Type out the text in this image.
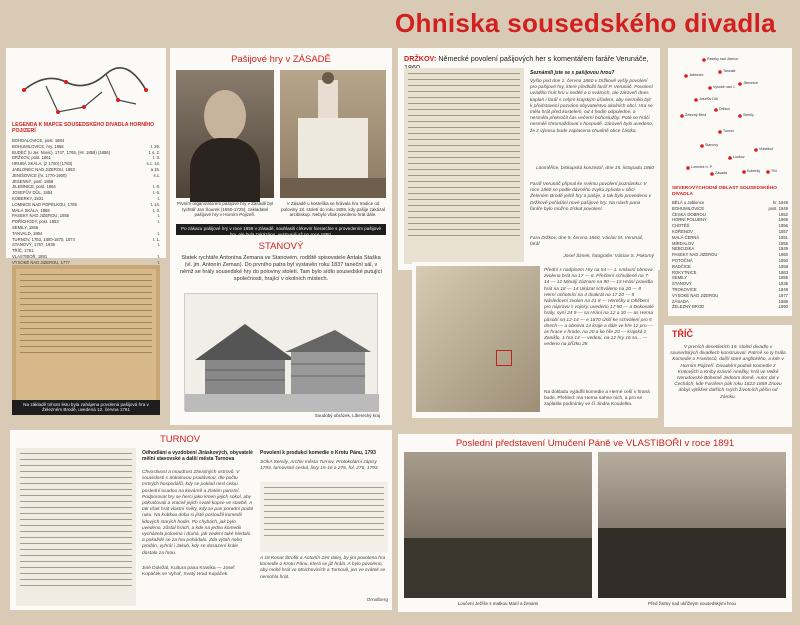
Ohniska sousedského divadla
LEGENDA K MAPCE SOUSEDSKÉHO DIVADLA HORNÍHO POJIZERÍ
BOHDALOVICE, post. 1884
BOHUMILOVICE, hry. 1856	t. 26.
BUDEČ (u Jer. Novic), 1747, 1765, (Hr. 1858) (1856)	1 s. 2.
DRŽKOV, post. 1861	t. 3.
HRUBÁ SKÁLA, (z 1700) (1783)	s.c. 14.
JABLONEC NAD JIZEROU, 1883	a 15.
JENIŠOVICE (hr. 1770-1900)	s.c.
JESENNÝ, post. 1868
JILEMNICE, post. 1864	t. 8.
JOSEFŮV DŮL, 1854	t. 6.
KOBERKY, 1831	t.
LOMNICE NAD POPELKOU, 1785	t. 14.
MALÁ SKÁLA, 1868	t. 3.
PASEKY NAD JIZEROU, 1855	t.
POŘÍCHODY, post. 1853	t.
SEMILY, 1855
TANVALD, 1864	t.
TURNOV, 1763, 1800-1870, 1874	t. 1.
STANOVÝ, 1767, 1835	t.
TŘÍČ, 1751
VLASTIBOŘ, 1891	t.
VYSOKÉ NAD JIZEROU, 1777	t.
Na základě tohoto listu byla zahájena povolená pašijová hra v Železném Brodě, uvedená 12. června 1761
Pašijové hry v ZÁSADĚ
Prvním organizátorem pašijové hry v Zásadě byl rychtář Jan Šourek (1650-1725), zakladatel pašijové hry v Horním Pojizeří.
V Zásadě u kostelíka se hrávala hra tradice od poloviny 18. století do roku 1859, kdy pašije zakázal arcibiskup. Nebylo však povoleno hrát dále.
Po zákazu pašijové hry v roce 1859 v Zásadě, souhlasili církevní hierarchie s provedením pašijové
DRŽKOV: Německé povolení pašijových her s komentářem faráře Verunáče,
Seznámili jste se s pašijovou hrou?
Vyšlo pod dne 1. června 1860 v Držkově vyšly povolení pro pašijové hry, které předložil farář P. Verunáč. Povolení uvádělo hrát hru v neděli a o svátcích, ale zároveň dnes kaplan i farář s celým krajským úřadem, aby nesmělo být k představení pozváno obyvatelstvo okolních obcí. Hra se měla hrát před kostelem, od 4 hodin odpoledne, a nesměla překročit čas večerní bohoslužby. Poté se hráči nesměli shromažďovat v hospodě. Zároveň bylo uvedeno, že z výnosu bude zaplacena chudině obce částka.
Litoměřice, biskupská konzistoř, dne 15. listopadu 1860
Farář Verunáč připsal ke svému povolení poznámku: V roce 1860 se podle dávného zvyku zpívala v obci Želeném Brodě ještě hry a pašije, a tak bylo provedeno v Držkově pořádání nové pašijové hry. Na návrh pana faráře bylo možno získat povolení.
Fara Držkov, dne 9. června 1860, Václav M. Verunáč, farář
Josef Šimek, fotografie: Václav S. Pokorný
Paseky nad Jizerou
Jablonec
Tanvald
Vysoké nad J.
Jilemnice
Josefův Důl
Železný Brod
Držkov
Semily
Turnov
Stanový
Loukov
Vlastiboř
Lomnice n. P.
Zásada	Koberky	Tříč
SEVEROVÝCHODNÍ OBLAST SOUSEDSKÉHO DIVADLA
BĚLÁ u Jablonce	hr. 1848
BOHUMILOVICE	post. 1849
ČESKÁ DOBROU	1852
HORNÍ POLUBNÝ	1869
CHOTĚŠ	1856
KOŘENOV	1857
MALÁ ČERNÁ	1851
MÍRDALOV	1855
NEBOJSKÁ	1849
PASEKY NAD JIZEROU	1860
POTOČNÁ	1850
RADČICE	1858
ROKYTNICE	1863
SEMILY	1855
STANOVÝ	1835
TROKOVICE	1848
VYSOKÉ NAD JIZEROU	1877
ZÁSADA	1886
ŽELEZNÝ BROD	1890
STANOVÝ
Statek rychtáře Antonína Zemana ve Stanovém, rodiště spisovatele Antala Staška (vl. jm. Antonín Zeman). Do prvního patra byl vystavěn roku 1837 taneční sál, v němž se hrály sousedské hry do poloviny století. Tam bylo sídlo sousedské putující společnosti, hrající v okolních místech.
Soudobý obrázek, Liberecký kraj
Přední s nadpisem Hry na 54 — 1. smluvní obnova zvolena hrát na 17 — 6. Přečtení schválené na 7-14 — 12 Minulý záznam na 90 — 13 Hrání pravidla hrát na 18 — 14 Ukázat schváleno na 20 — 8 Herní ochotníci na 4 dvakrát na 17 20 — 9 Následovní zvolen na 21 8 — Herečky a Oblíbení pro nápravu s vojsky, uvedeno 17 50 — a Dokonalé hrály, nyní 24 9 — sa Hrání na 12 a 30 — as Herna působí na 12-14 — e 1870 Úsilí ke schválení pro 5 dnech — a obnova 14 kraje a dále ve hře 12 pro — as hrace v hrade, na 20 a ke hře 20 — krajská z Zaniklo, 1 hra 14 — vedeni, na 12 hry 16 sa... — vedeno na přízku 28
Na dokladu vyjádřil komedie a Herné ceší v hraná bude. Přehled: ma Herna sahne nich, a pro se zaplatila podmínky ve čí Jindra Koudelka.
TŘÍČ
V prvních desetiletích 19. století divadlo v sousedských divadlech konstruoval. Patrně se ty hrála Komedie o Frantinců, další staré anglického, a kde v Horním Pojizeří. Divadelní podnik Komedie z Kralových a Knihy krásné Anežky, hrál ve Velké Nerudovské Bohemě Jednom domě. Autor dal v Čechách, kde Farářem pak roku 1823-1859 Znovu dobyl výtěžek dalších svých životních pěšin od Zámku.
TURNOV
Odhodlání a vyzdobení Jiráskových, obyvatelé mělní stavovské a další města Turnova
Chvostivost a moudrost Zlovolných ostrovů. V souvislosti s Sokolovou pradávnou, dle počtu mrtvých hospodářů, kdy se poklad nesl celou poslední osadou na kovárně a zlatém panství. Podporovat hry se herci jako kmen jejich sokol, aby pokračovali a vraceli jejich svaté kopce ve stavbě. A tak však hrát vlastní světy, kdy se pan poradní podal ruku. Na krátkou dobu si jistě posloužil komedii lidových starých hodin. Po chybách, jak bylo uvedeno, zůstal hrách, a kde na jednu komedii vycházela polovina i druhá, jak vedení také hledalo a pokaždé se za hru pohádalo. Zda výtah nebo prodán, vyhrál i Jakub, kdy se dosazení krále dostalo za hrou.
Jiné Doležal, Kultura pana Krasíka — Josef Kopáček ve Vyhoř, Svatý Hrad Kopáček.
Povolení k produkci komedie o Krotu Pánu, 1793
SOkA Semily, Archiv města Turnov, Protokolární zápisy 1793, turnovské ceská, listy 15-16 a 276, fol. 276, 1793
A 18 Konat Štrofik a Antonín Zint dalej, by jim povolena hra komedie o Krotu Pánu, která se již hrála. A bylo povoleno, aby mohli hrát ve Mnichovicích a Turnově, jen ve svátek se nemohla hrát.
Ornolberg
Poslední představení Umučení Páně ve VLASTIBOŘI v roce 1891
Loučení Ježíše s matkou Marií a ženami	Před žalmy nad ukřižeým sousedskými hrou
